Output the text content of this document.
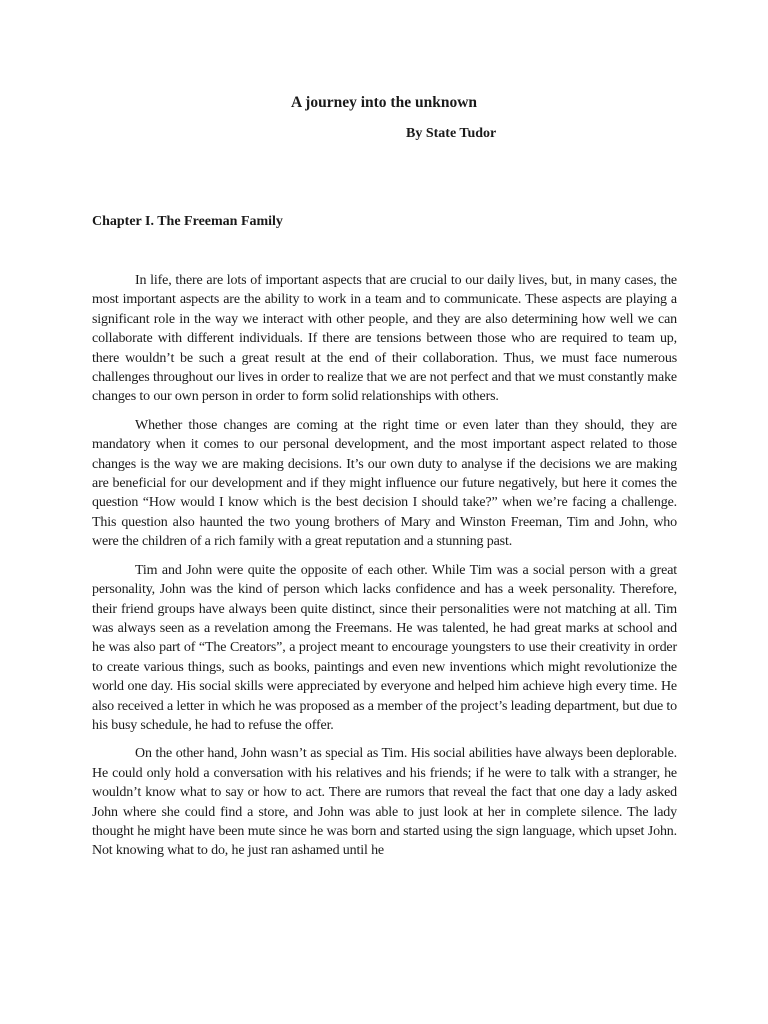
A journey into the unknown

By State Tudor

Chapter I. The Freeman Family

In life, there are lots of important aspects that are crucial to our daily lives, but, in many cases, the most important aspects are the ability to work in a team and to communicate. These aspects are playing a significant role in the way we interact with other people, and they are also determining how well we can collaborate with different individuals. If there are tensions between those who are required to team up, there wouldn’t be such a great result at the end of their collaboration. Thus, we must face numerous challenges throughout our lives in order to realize that we are not perfect and that we must constantly make changes to our own person in order to form solid relationships with others.

Whether those changes are coming at the right time or even later than they should, they are mandatory when it comes to our personal development, and the most important aspect related to those changes is the way we are making decisions. It’s our own duty to analyse if the decisions we are making are beneficial for our development and if they might influence our future negatively, but here it comes the question “How would I know which is the best decision I should take?” when we’re facing a challenge. This question also haunted the two young brothers of Mary and Winston Freeman, Tim and John, who were the children of a rich family with a great reputation and a stunning past.

Tim and John were quite the opposite of each other. While Tim was a social person with a great personality, John was the kind of person which lacks confidence and has a week personality. Therefore, their friend groups have always been quite distinct, since their personalities were not matching at all. Tim was always seen as a revelation among the Freemans. He was talented, he had great marks at school and he was also part of “The Creators”, a project meant to encourage youngsters to use their creativity in order to create various things, such as books, paintings and even new inventions which might revolutionize the world one day. His social skills were appreciated by everyone and helped him achieve high every time. He also received a letter in which he was proposed as a member of the project’s leading department, but due to his busy schedule, he had to refuse the offer.

On the other hand, John wasn’t as special as Tim. His social abilities have always been deplorable. He could only hold a conversation with his relatives and his friends; if he were to talk with a stranger, he wouldn’t know what to say or how to act. There are rumors that reveal the fact that one day a lady asked John where she could find a store, and John was able to just look at her in complete silence. The lady thought he might have been mute since he was born and started using the sign language, which upset John. Not knowing what to do, he just ran ashamed until he
